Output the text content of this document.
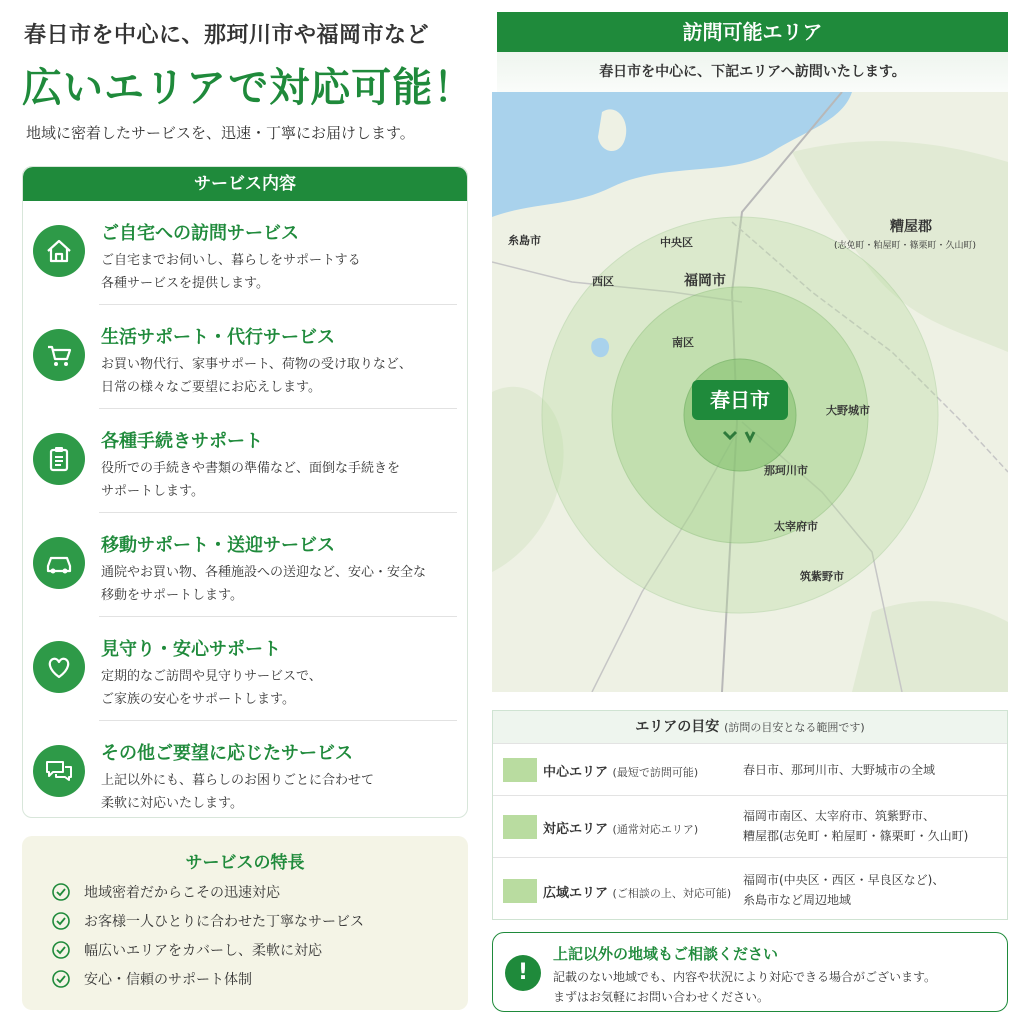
春日市を中心に、那珂川市や福岡市など
広いエリアで対応可能！
地域に密着したサービスを、迅速・丁寧にお届けします。
サービス内容
ご自宅への訪問サービス
ご自宅までお伺いし、暮らしをサポートする
各種サービスを提供します。
生活サポート・代行サービス
お買い物代行、家事サポート、荷物の受け取りなど、
日常の様々なご要望にお応えします。
各種手続きサポート
役所での手続きや書類の準備など、面倒な手続きを
サポートします。
移動サポート・送迎サービス
通院やお買い物、各種施設への送迎など、安心・安全な
移動をサポートします。
見守り・安心サポート
定期的なご訪問や見守りサービスで、
ご家族の安心をサポートします。
その他ご要望に応じたサービス
上記以外にも、暮らしのお困りごとに合わせて
柔軟に対応いたします。
サービスの特長
地域密着だからこその迅速対応
お客様一人ひとりに合わせた丁寧なサービス
幅広いエリアをカバーし、柔軟に対応
安心・信頼のサポート体制
訪問可能エリア
春日市を中心に、下記エリアへ訪問いたします。
糸島市	中央区
糟屋郡
(志免町・粕屋町・篠栗町・久山町)
西区	福岡市
南区
春日市	大野城市
那珂川市
太宰府市
筑紫野市
エリアの目安 (訪問の目安となる範囲です)
中心エリア (最短で訪問可能)	春日市、那珂川市、大野城市の全域
対応エリア (通常対応エリア)
福岡市南区、太宰府市、筑紫野市、
糟屋郡(志免町・粕屋町・篠栗町・久山町)
広域エリア (ご相談の上、対応可能)
福岡市(中央区・西区・早良区など)、
糸島市など周辺地域
!
上記以外の地域もご相談ください
記載のない地域でも、内容や状況により対応できる場合がございます。
まずはお気軽にお問い合わせください。
